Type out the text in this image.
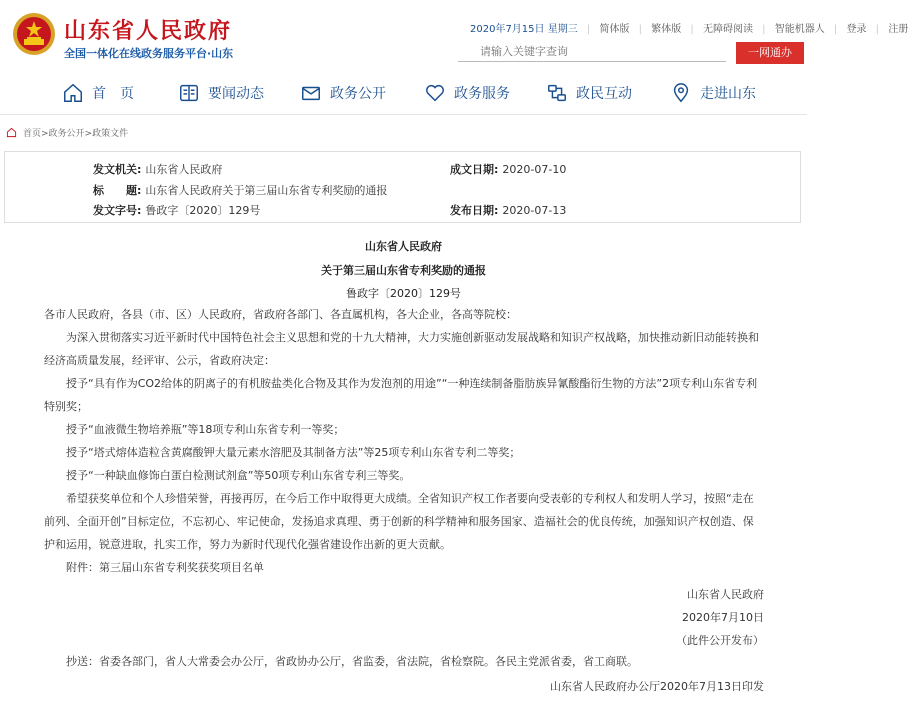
山东省人民政府
全国一体化在线政务服务平台·山东
2020年7月15日 星期三 | 简体版 | 繁体版 | 无障碍阅读 | 智能机器人 | 登录 | 注册
请输入关键字查询
一网通办
首　页	要闻动态	政务公开	政务服务	政民互动	走进山东
首页>政务公开>政策文件
发文机关: 山东省人民政府	成文日期: 2020-07-10
标　　题: 山东省人民政府关于第三届山东省专利奖励的通报
发文字号: 鲁政字〔2020〕129号	发布日期: 2020-07-13
山东省人民政府
关于第三届山东省专利奖励的通报
鲁政字〔2020〕129号
各市人民政府，各县（市、区）人民政府，省政府各部门、各直属机构，各大企业，各高等院校：
为深入贯彻落实习近平新时代中国特色社会主义思想和党的十九大精神，大力实施创新驱动发展战略和知识产权战略，加快推动新旧动能转换和经济高质量发展，经评审、公示，省政府决定：
授予“具有作为CO2给体的阴离子的有机胺盐类化合物及其作为发泡剂的用途”“一种连续制备脂肪族异氰酸酯衍生物的方法”2项专利山东省专利特别奖；
授予“血液微生物培养瓶”等18项专利山东省专利一等奖；
授予“塔式熔体造粒含黄腐酸钾大量元素水溶肥及其制备方法”等25项专利山东省专利二等奖；
授予“一种缺血修饰白蛋白检测试剂盒”等50项专利山东省专利三等奖。
希望获奖单位和个人珍惜荣誉，再接再厉，在今后工作中取得更大成绩。全省知识产权工作者要向受表彰的专利权人和发明人学习，按照“走在前列、全面开创”目标定位，不忘初心、牢记使命，发扬追求真理、勇于创新的科学精神和服务国家、造福社会的优良传统，加强知识产权创造、保护和运用，锐意进取，扎实工作，努力为新时代现代化强省建设作出新的更大贡献。
附件：第三届山东省专利奖获奖项目名单
山东省人民政府
2020年7月10日
（此件公开发布）
抄送：省委各部门，省人大常委会办公厅，省政协办公厅，省监委，省法院，省检察院。各民主党派省委，省工商联。
山东省人民政府办公厅2020年7月13日印发
